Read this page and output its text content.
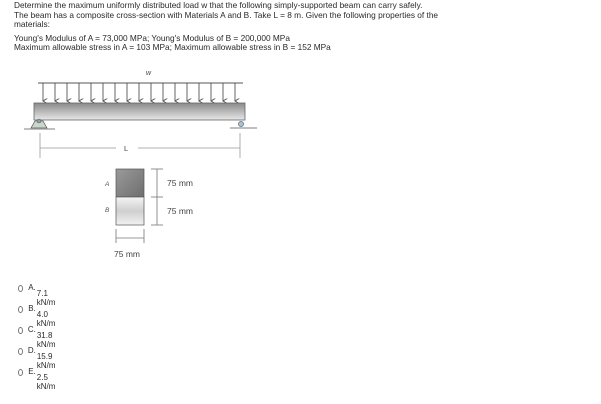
Determine the maximum uniformly distributed load w that the following simply-supported beam can carry safely.

The beam has a composite cross-section with Materials A and B. Take L = 8 m. Given the following properties of the

materials:

Young's Modulus of A = 73,000 MPa; Young's Modulus of B = 200,000 MPa

Maximum allowable stress in A = 103 MPa; Maximum allowable stress in B = 152 MPa

w
L
A
B
75 mm
75 mm
75 mm
A.
7.1 kN/m
B.
4.0 kN/m
C.
31.8 kN/m
D.
15.9 kN/m
E.
2.5 kN/m
